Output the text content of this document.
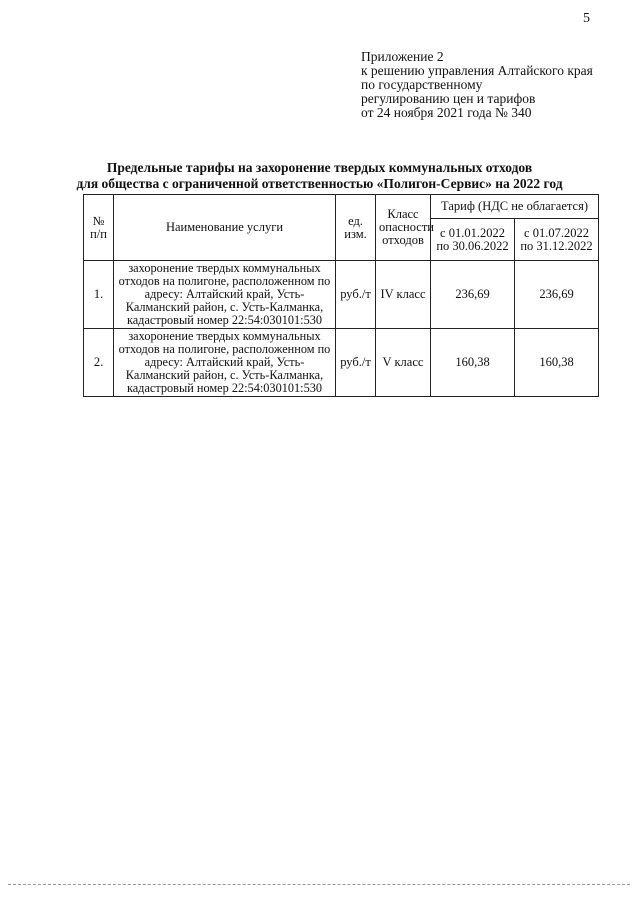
5
Приложение 2
к решению управления Алтайского края
по государственному
регулированию цен и тарифов
от 24 ноября 2021 года № 340
Предельные тарифы на захоронение твердых коммунальных отходов
для общества с ограниченной ответственностью «Полигон-Сервис» на 2022 год
№ п/п	Наименование услуги	ед. изм.	Класс опасности отходов	Тариф (НДС не облагается)	
				с 01.01.2022 по 30.06.2022	с 01.07.2022 по 31.12.2022
1.	захоронение твердых коммунальных отходов на полигоне, расположенном по адресу: Алтайский край, Усть-Калманский район, с. Усть-Калманка, кадастровый номер 22:54:030101:530	руб./т	IV класс	236,69	236,69
2.	захоронение твердых коммунальных отходов на полигоне, расположенном по адресу: Алтайский край, Усть-Калманский район, с. Усть-Калманка, кадастровый номер 22:54:030101:530	руб./т	V класс	160,38	160,38
